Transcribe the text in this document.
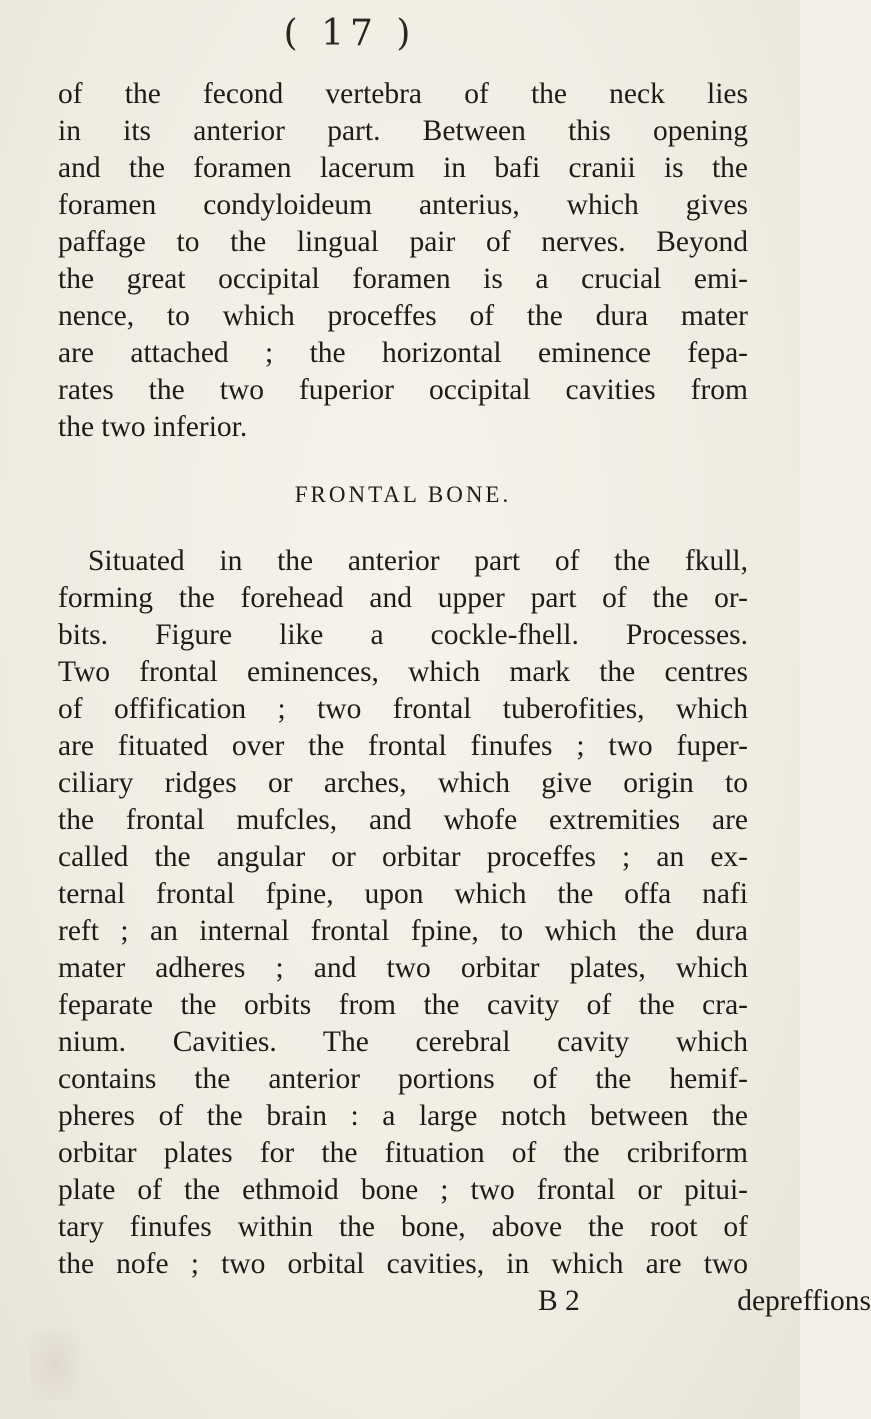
( 17 )
of the fecond vertebra of the neck lies
in its anterior part. Between this opening
and the foramen lacerum in bafi cranii is the
foramen condyloideum anterius, which gives
paffage to the lingual pair of nerves. Beyond
the great occipital foramen is a crucial emi-
nence, to which proceffes of the dura mater
are attached ; the horizontal eminence fepa-
rates the two fuperior occipital cavities from
the two inferior.
FRONTAL BONE.
Situated in the anterior part of the fkull,
forming the forehead and upper part of the or-
bits. Figure like a cockle-fhell. Processes.
Two frontal eminences, which mark the centres
of offification ; two frontal tuberofities, which
are fituated over the frontal finufes ; two fuper-
ciliary ridges or arches, which give origin to
the frontal mufcles, and whofe extremities are
called the angular or orbitar proceffes ; an ex-
ternal frontal fpine, upon which the offa nafi
reft ; an internal frontal fpine, to which the dura
mater adheres ; and two orbitar plates, which
feparate the orbits from the cavity of the cra-
nium. Cavities. The cerebral cavity which
contains the anterior portions of the hemif-
pheres of the brain : a large notch between the
orbitar plates for the fituation of the cribriform
plate of the ethmoid bone ; two frontal or pitui-
tary finufes within the bone, above the root of
the nofe ; two orbital cavities, in which are two
B 2	depreffions
